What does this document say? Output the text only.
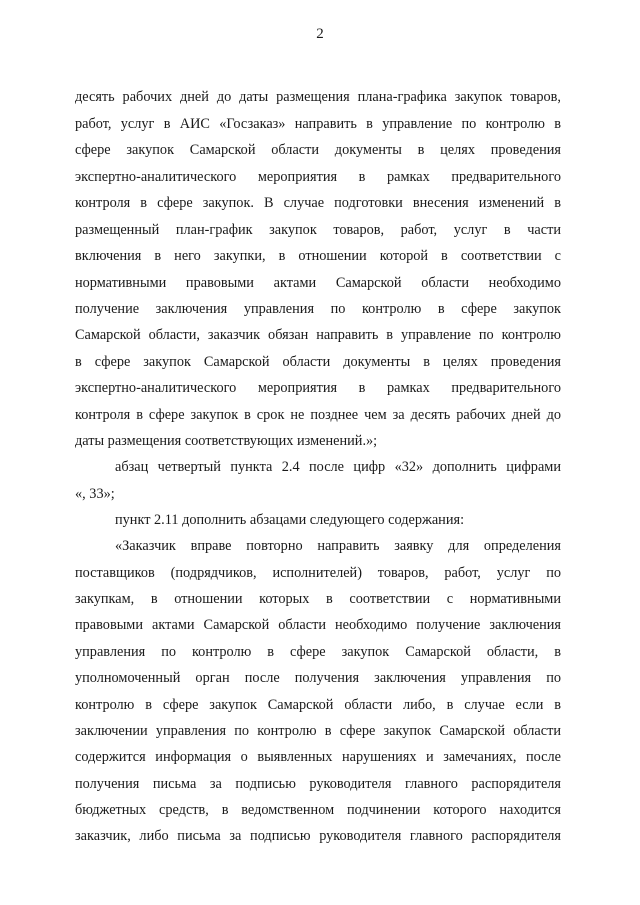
2
десять рабочих дней до даты размещения плана-графика закупок товаров,
работ, услуг в АИС «Госзаказ» направить в управление по контролю в
сфере закупок Самарской области документы в целях проведения
экспертно-аналитического мероприятия в рамках предварительного
контроля в сфере закупок. В случае подготовки внесения изменений в
размещенный план-график закупок товаров, работ, услуг в части
включения в него закупки, в отношении которой в соответствии с
нормативными правовыми актами Самарской области необходимо
получение заключения управления по контролю в сфере закупок
Самарской области, заказчик обязан направить в управление по контролю
в сфере закупок Самарской области документы в целях проведения
экспертно-аналитического мероприятия в рамках предварительного
контроля в сфере закупок в срок не позднее чем за десять рабочих дней до
даты размещения соответствующих изменений.»;
абзац четвертый пункта 2.4 после цифр «32» дополнить цифрами
«, 33»;
пункт 2.11 дополнить абзацами следующего содержания:
«Заказчик вправе повторно направить заявку для определения
поставщиков (подрядчиков, исполнителей) товаров, работ, услуг по
закупкам, в отношении которых в соответствии с нормативными
правовыми актами Самарской области необходимо получение заключения
управления по контролю в сфере закупок Самарской области, в
уполномоченный орган после получения заключения управления по
контролю в сфере закупок Самарской области либо, в случае если в
заключении управления по контролю в сфере закупок Самарской области
содержится информация о выявленных нарушениях и замечаниях, после
получения письма за подписью руководителя главного распорядителя
бюджетных средств, в ведомственном подчинении которого находится
заказчик, либо письма за подписью руководителя главного распорядителя
